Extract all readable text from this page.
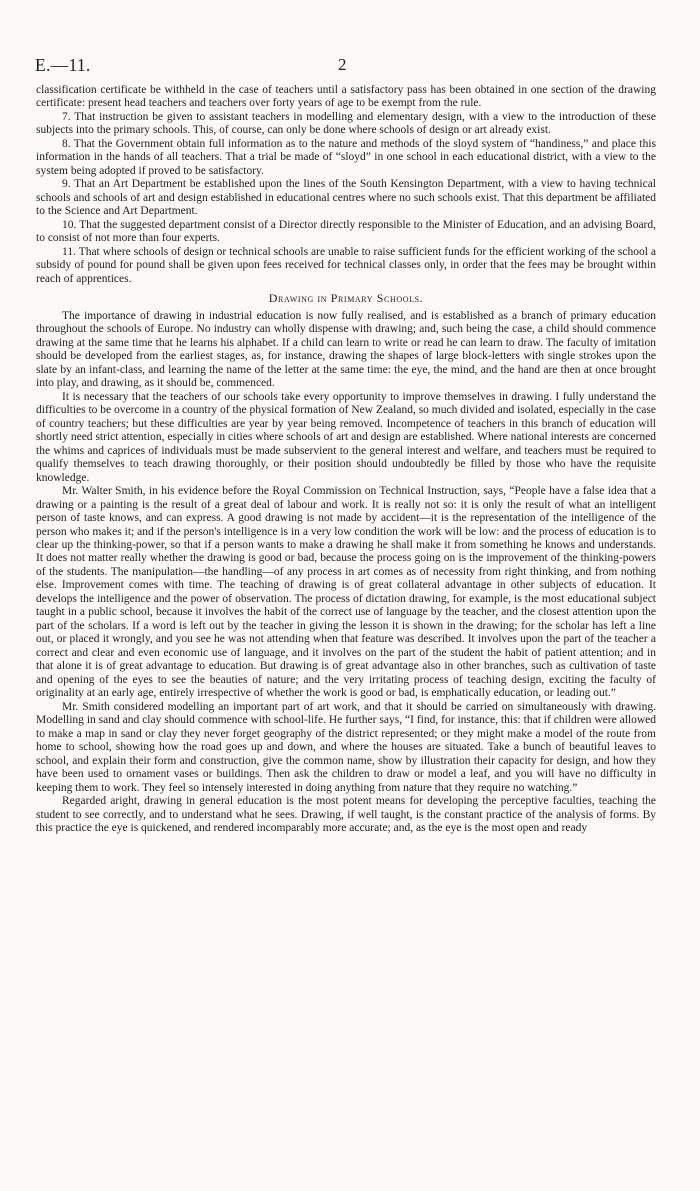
E.—11.	2

classification certificate be withheld in the case of teachers until a satisfactory pass has been obtained in one section of the drawing certificate: present head teachers and teachers over forty years of age to be exempt from the rule.

7. That instruction be given to assistant teachers in modelling and elementary design, with a view to the introduction of these subjects into the primary schools. This, of course, can only be done where schools of design or art already exist.

8. That the Government obtain full information as to the nature and methods of the sloyd system of “handiness,” and place this information in the hands of all teachers. That a trial be made of “sloyd” in one school in each educational district, with a view to the system being adopted if proved to be satisfactory.

9. That an Art Department be established upon the lines of the South Kensington Department, with a view to having technical schools and schools of art and design established in educational centres where no such schools exist. That this department be affiliated to the Science and Art Department.

10. That the suggested department consist of a Director directly responsible to the Minister of Education, and an advising Board, to consist of not more than four experts.

11. That where schools of design or technical schools are unable to raise sufficient funds for the efficient working of the school a subsidy of pound for pound shall be given upon fees received for technical classes only, in order that the fees may be brought within reach of apprentices.

Drawing in Primary Schools.

The importance of drawing in industrial education is now fully realised, and is established as a branch of primary education throughout the schools of Europe. No industry can wholly dispense with drawing; and, such being the case, a child should commence drawing at the same time that he learns his alphabet. If a child can learn to write or read he can learn to draw. The faculty of imitation should be developed from the earliest stages, as, for instance, drawing the shapes of large block-letters with single strokes upon the slate by an infant-class, and learning the name of the letter at the same time: the eye, the mind, and the hand are then at once brought into play, and drawing, as it should be, commenced.

It is necessary that the teachers of our schools take every opportunity to improve themselves in drawing. I fully understand the difficulties to be overcome in a country of the physical formation of New Zealand, so much divided and isolated, especially in the case of country teachers; but these difficulties are year by year being removed. Incompetence of teachers in this branch of education will shortly need strict attention, especially in cities where schools of art and design are established. Where national interests are concerned the whims and caprices of individuals must be made subservient to the general interest and welfare, and teachers must be required to qualify themselves to teach drawing thoroughly, or their position should undoubtedly be filled by those who have the requisite knowledge.

Mr. Walter Smith, in his evidence before the Royal Commission on Technical Instruction, says, “People have a false idea that a drawing or a painting is the result of a great deal of labour and work. It is really not so: it is only the result of what an intelligent person of taste knows, and can express. A good drawing is not made by accident—it is the representation of the intelligence of the person who makes it; and if the person's intelligence is in a very low condition the work will be low: and the process of education is to clear up the thinking-power, so that if a person wants to make a drawing he shall make it from something he knows and understands. It does not matter really whether the drawing is good or bad, because the process going on is the improvement of the thinking-powers of the students. The manipulation—the handling—of any process in art comes as of necessity from right thinking, and from nothing else. Improvement comes with time. The teaching of drawing is of great collateral advantage in other subjects of education. It develops the intelligence and the power of observation. The process of dictation drawing, for example, is the most educational subject taught in a public school, because it involves the habit of the correct use of language by the teacher, and the closest attention upon the part of the scholars. If a word is left out by the teacher in giving the lesson it is shown in the drawing; for the scholar has left a line out, or placed it wrongly, and you see he was not attending when that feature was described. It involves upon the part of the teacher a correct and clear and even economic use of language, and it involves on the part of the student the habit of patient attention; and in that alone it is of great advantage to education. But drawing is of great advantage also in other branches, such as cultivation of taste and opening of the eyes to see the beauties of nature; and the very irritating process of teaching design, exciting the faculty of originality at an early age, entirely irrespective of whether the work is good or bad, is emphatically education, or leading out.”

Mr. Smith considered modelling an important part of art work, and that it should be carried on simultaneously with drawing. Modelling in sand and clay should commence with school-life. He further says, “I find, for instance, this: that if children were allowed to make a map in sand or clay they never forget geography of the district represented; or they might make a model of the route from home to school, showing how the road goes up and down, and where the houses are situated. Take a bunch of beautiful leaves to school, and explain their form and construction, give the common name, show by illustration their capacity for design, and how they have been used to ornament vases or buildings. Then ask the children to draw or model a leaf, and you will have no difficulty in keeping them to work. They feel so intensely interested in doing anything from nature that they require no watching.”

Regarded aright, drawing in general education is the most potent means for developing the perceptive faculties, teaching the student to see correctly, and to understand what he sees. Drawing, if well taught, is the constant practice of the analysis of forms. By this practice the eye is quickened, and rendered incomparably more accurate; and, as the eye is the most open and ready
